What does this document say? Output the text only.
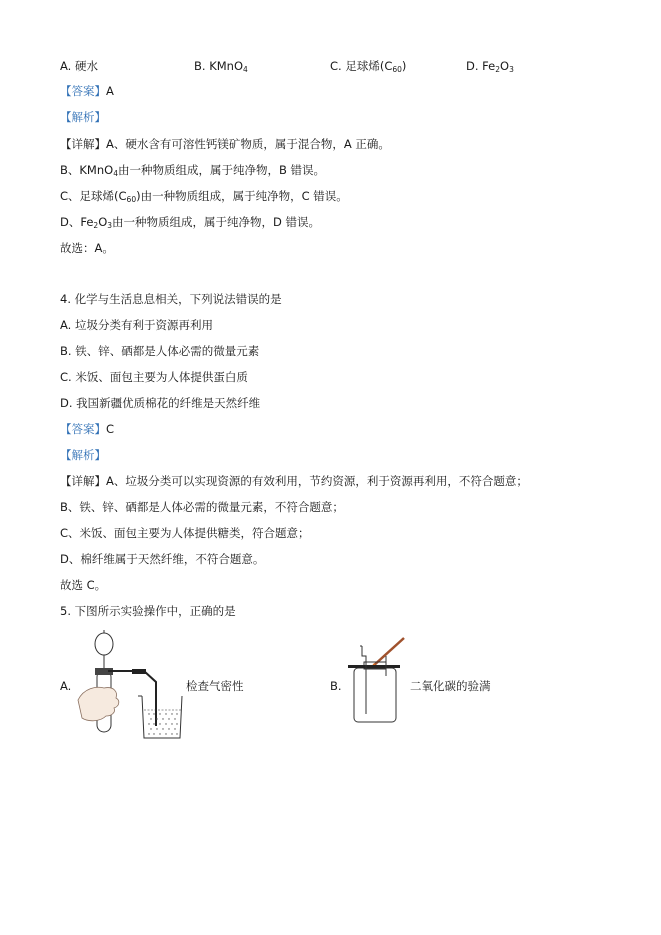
A. 硬水	B. KMnO$_4$	C. 足球烯$(C_{60})$	D. $Fe_2O_3$
【答案】A
【解析】
【详解】A、硬水含有可溶性钙镁矿物质，属于混合物，A 正确。
B、KMnO$_4$由一种物质组成，属于纯净物，B 错误。
C、足球烯$(C_{60})$由一种物质组成，属于纯净物，C 错误。
D、$Fe_2O_3$由一种物质组成，属于纯净物，D 错误。
故选：A。
4. 化学与生活息息相关，下列说法错误的是
A. 垃圾分类有利于资源再利用
B. 铁、锌、硒都是人体必需的微量元素
C. 米饭、面包主要为人体提供蛋白质
D. 我国新疆优质棉花的纤维是天然纤维
【答案】C
【解析】
【详解】A、垃圾分类可以实现资源的有效利用，节约资源，利于资源再利用，不符合题意；
B、铁、锌、硒都是人体必需的微量元素，不符合题意；
C、米饭、面包主要为人体提供糖类，符合题意；
D、棉纤维属于天然纤维，不符合题意。
故选 C。
5. 下图所示实验操作中，正确的是
A.	检查气密性	B.	二氧化碳的验满
